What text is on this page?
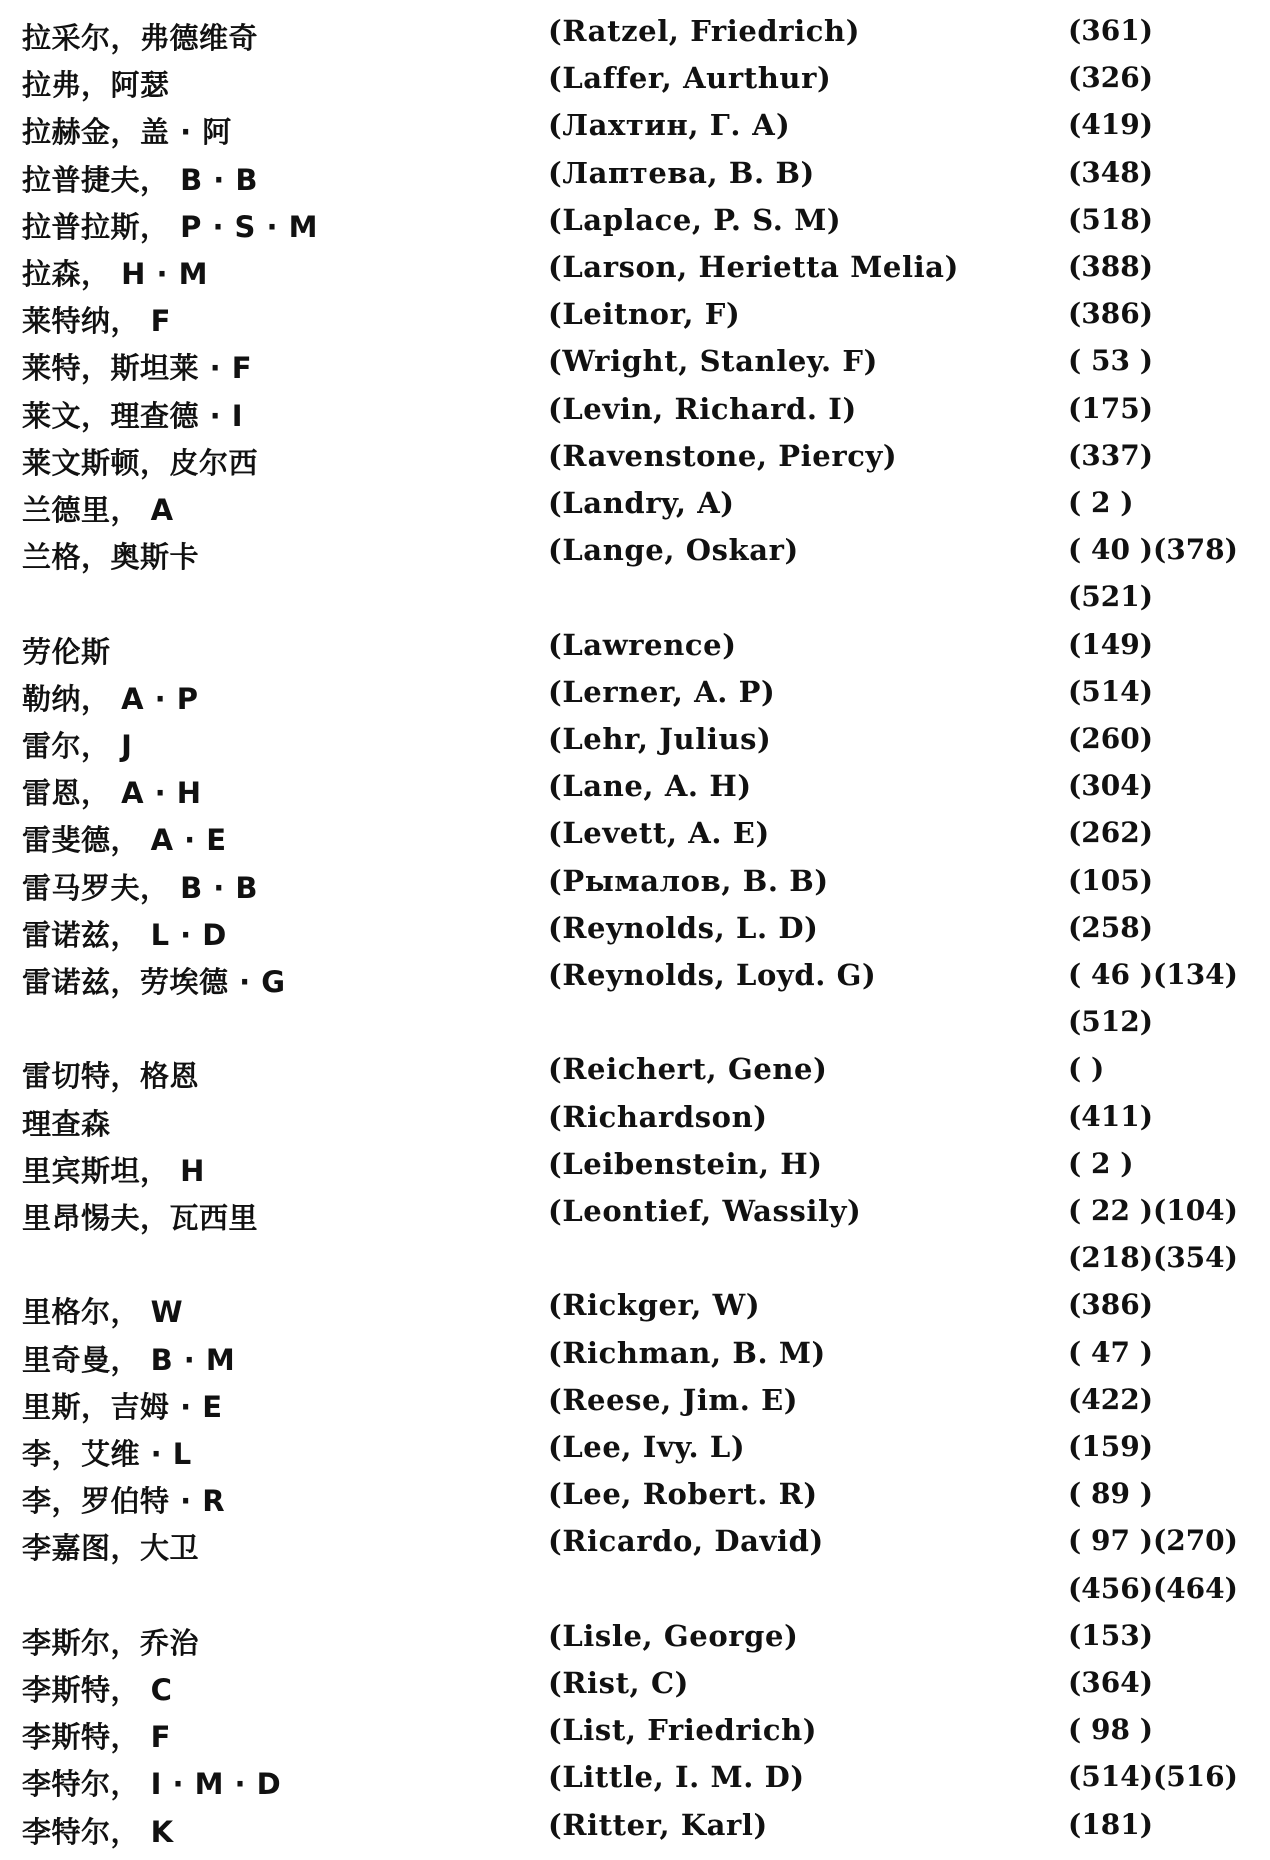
拉采尔，弗德维奇	(Ratzel, Friedrich)	(361)
拉弗，阿瑟	(Laffer, Aurthur)	(326)
拉赫金，盖 · 阿	(Лахтин, Г. А)	(419)
拉普捷夫， B · B	(Лаптева, B. B)	(348)
拉普拉斯， P · S · M	(Laplace, P. S. M)	(518)
拉森， H · M	(Larson, Herietta Melia)	(388)
莱特纳， F	(Leitnor, F)	(386)
莱特，斯坦莱 · F	(Wright, Stanley. F)	( 53 )
莱文，理查德 · I	(Levin, Richard. I)	(175)
莱文斯顿，皮尔西	(Ravenstone, Piercy)	(337)
兰德里， A	(Landry, A)	( 2 )
兰格，奥斯卡	(Lange, Oskar)	( 40 )(378)
(521)
劳伦斯	(Lawrence)	(149)
勒纳， A · P	(Lerner, A. P)	(514)
雷尔， J	(Lehr, Julius)	(260)
雷恩， A · H	(Lane, A. H)	(304)
雷斐德， A · E	(Levett, A. E)	(262)
雷马罗夫， B · B	(Рымалов, B. B)	(105)
雷诺兹， L · D	(Reynolds, L. D)	(258)
雷诺兹，劳埃德 · G	(Reynolds, Loyd. G)	( 46 )(134)
(512)
雷切特，格恩	(Reichert, Gene)	( )
理查森	(Richardson)	(411)
里宾斯坦， H	(Leibenstein, H)	( 2 )
里昂惕夫，瓦西里	(Leontief, Wassily)	( 22 )(104)
(218)(354)
里格尔， W	(Rickger, W)	(386)
里奇曼， B · M	(Richman, B. M)	( 47 )
里斯，吉姆 · E	(Reese, Jim. E)	(422)
李，艾维 · L	(Lee, Ivy. L)	(159)
李，罗伯特 · R	(Lee, Robert. R)	( 89 )
李嘉图，大卫	(Ricardo, David)	( 97 )(270)
(456)(464)
李斯尔，乔治	(Lisle, George)	(153)
李斯特， C	(Rist, C)	(364)
李斯特， F	(List, Friedrich)	( 98 )
李特尔， I · M · D	(Little, I. M. D)	(514)(516)
李特尔， K	(Ritter, Karl)	(181)
